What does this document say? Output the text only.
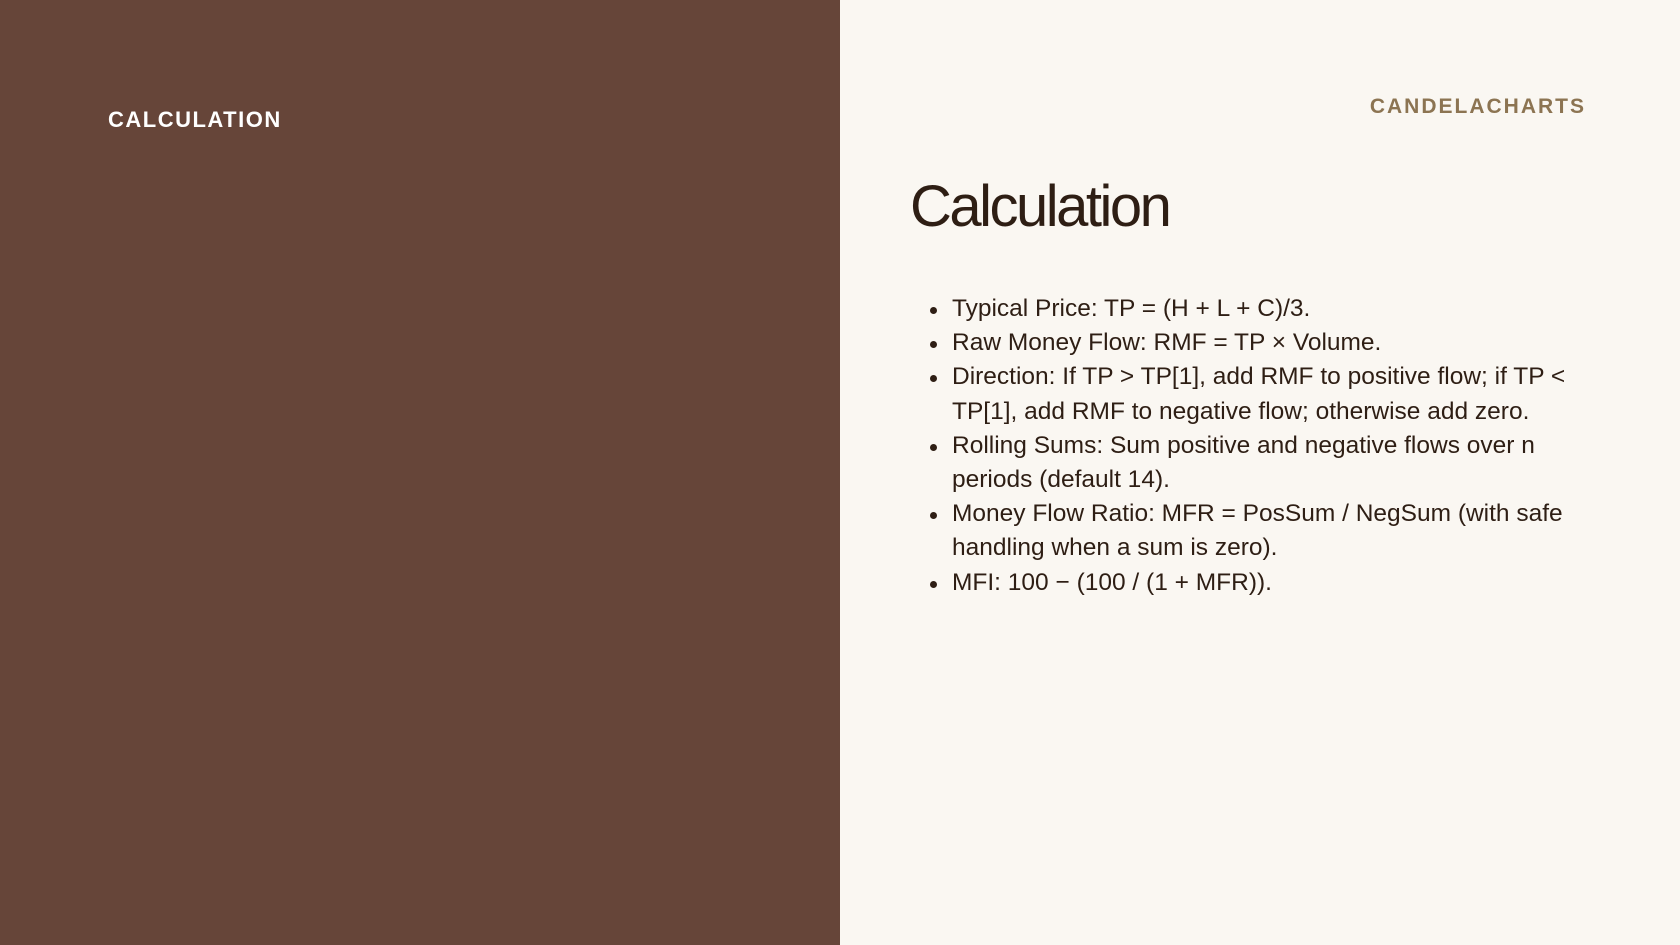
CALCULATION
CANDELACHARTS
Calculation
Typical Price: TP = (H + L + C)/3.
Raw Money Flow: RMF = TP × Volume.
Direction: If TP > TP[1], add RMF to positive flow; if TP < TP[1], add RMF to negative flow; otherwise add zero.
Rolling Sums: Sum positive and negative flows over n periods (default 14).
Money Flow Ratio: MFR = PosSum / NegSum (with safe handling when a sum is zero).
MFI: 100 − (100 / (1 + MFR)).
